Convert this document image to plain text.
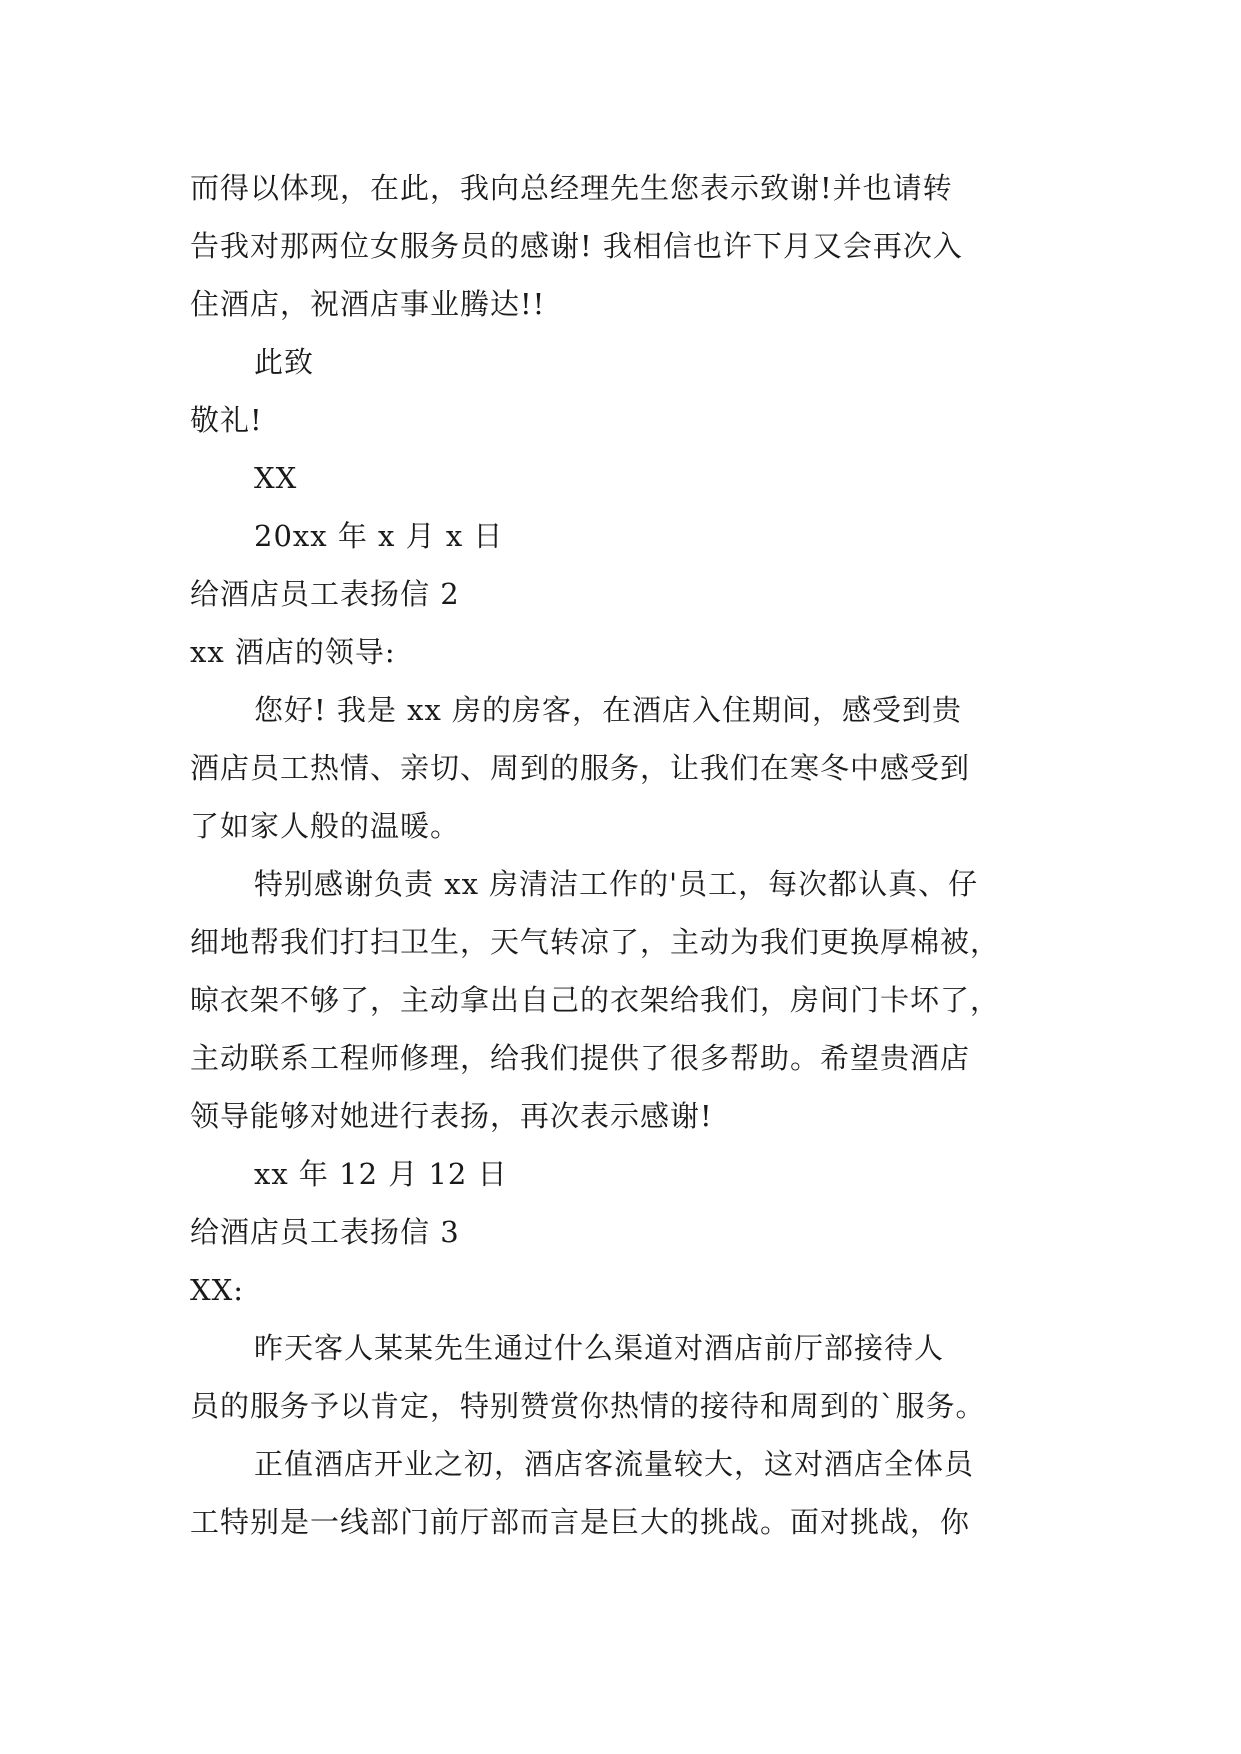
而得以体现，在此，我向总经理先生您表示致谢!并也请转
告我对那两位女服务员的感谢! 我相信也许下月又会再次入
住酒店，祝酒店事业腾达!!
此致
敬礼!
XX
20xx 年 x 月 x 日
给酒店员工表扬信 2
xx 酒店的领导:
您好! 我是 xx 房的房客，在酒店入住期间，感受到贵
酒店员工热情、亲切、周到的服务，让我们在寒冬中感受到
了如家人般的温暖。
特别感谢负责 xx 房清洁工作的'员工，每次都认真、仔
细地帮我们打扫卫生，天气转凉了，主动为我们更换厚棉被，
晾衣架不够了，主动拿出自己的衣架给我们，房间门卡坏了，
主动联系工程师修理，给我们提供了很多帮助。希望贵酒店
领导能够对她进行表扬，再次表示感谢!
xx 年 12 月 12 日
给酒店员工表扬信 3
XX:
昨天客人某某先生通过什么渠道对酒店前厅部接待人
员的服务予以肯定，特别赞赏你热情的接待和周到的`服务。
正值酒店开业之初，酒店客流量较大，这对酒店全体员
工特别是一线部门前厅部而言是巨大的挑战。面对挑战，你
